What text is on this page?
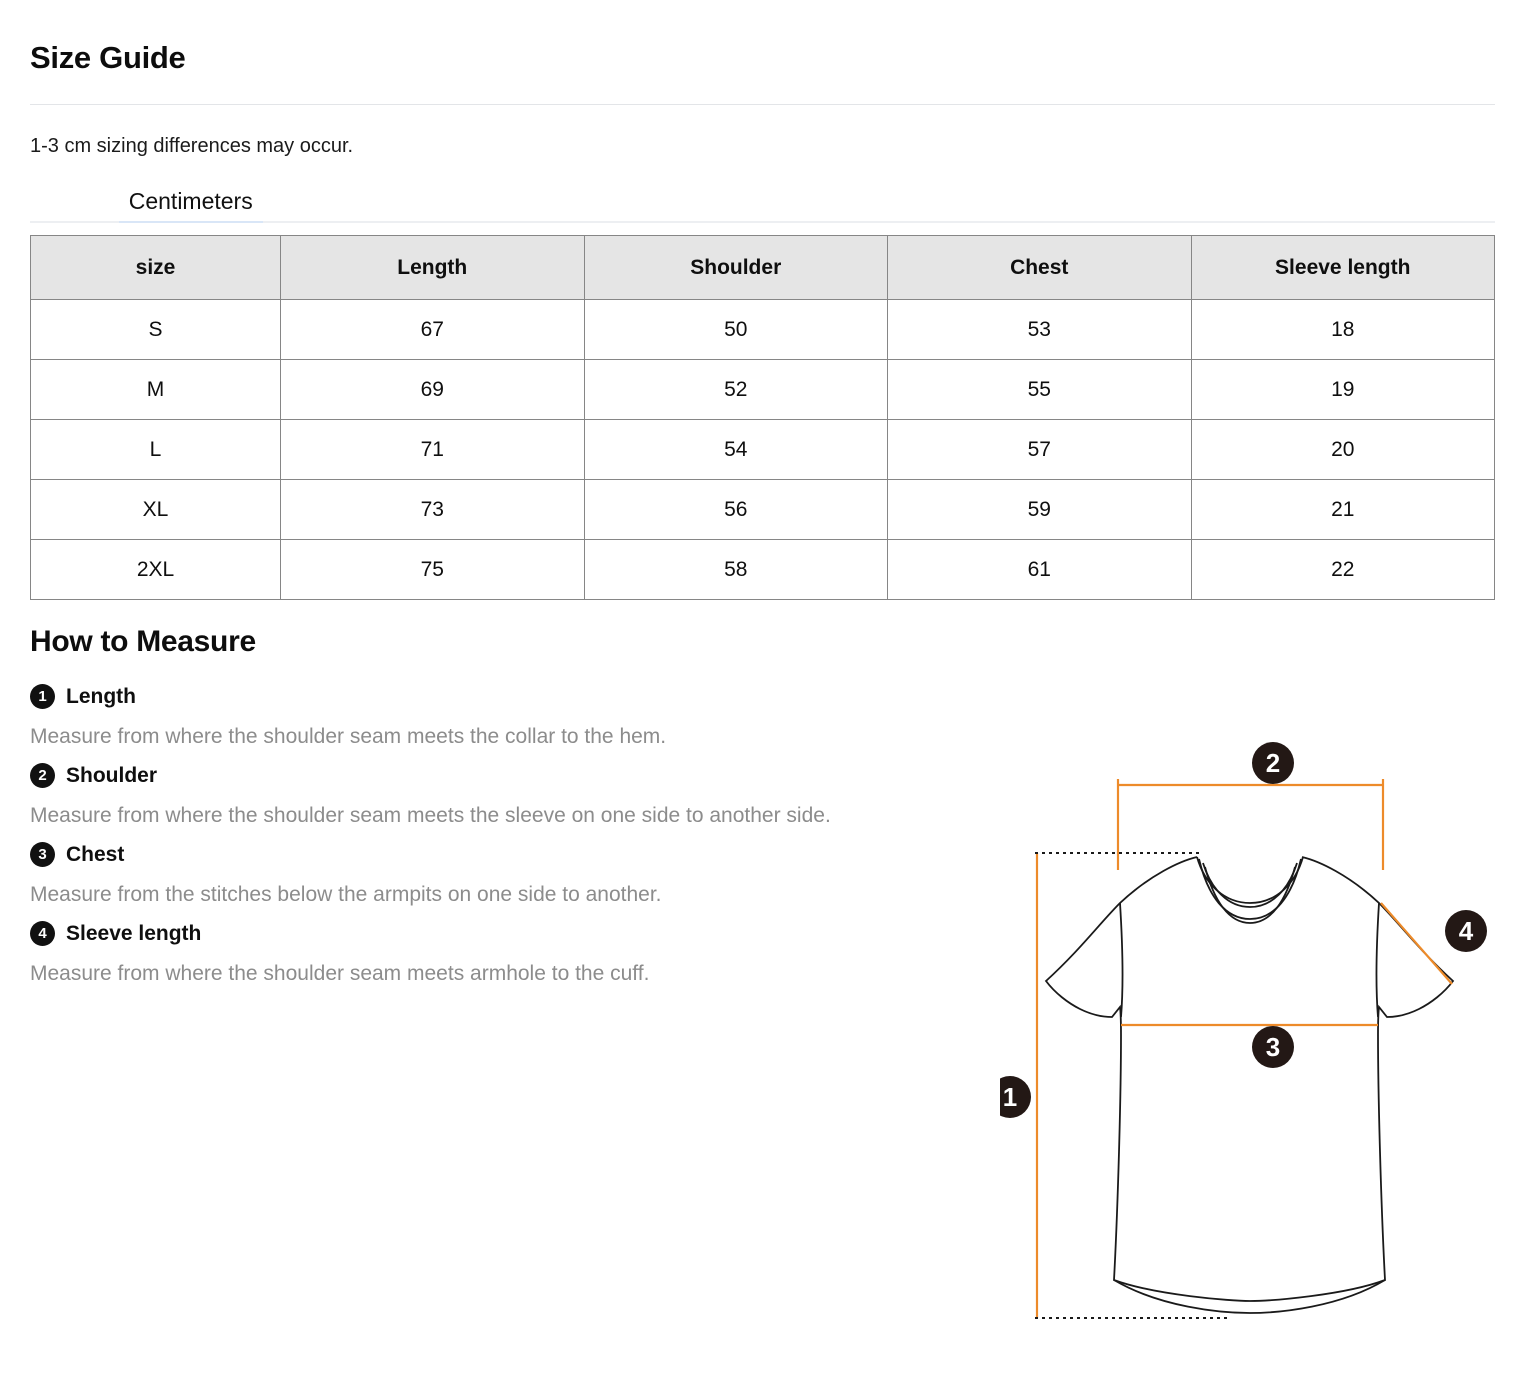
Size Guide
1-3 cm sizing differences may occur.
Centimeters
size	Length	Shoulder	Chest	Sleeve length
S	67	50	53	18
M	69	52	55	19
L	71	54	57	20
XL	73	56	59	21
2XL	75	58	61	22
How to Measure
1 Length

Measure from where the shoulder seam meets the collar to the hem.

2 Shoulder

Measure from where the shoulder seam meets the sleeve on one side to another side.

3 Chest

Measure from the stitches below the armpits on one side to another.

4 Sleeve length

Measure from where the shoulder seam meets armhole to the cuff.

2
4
3
1
